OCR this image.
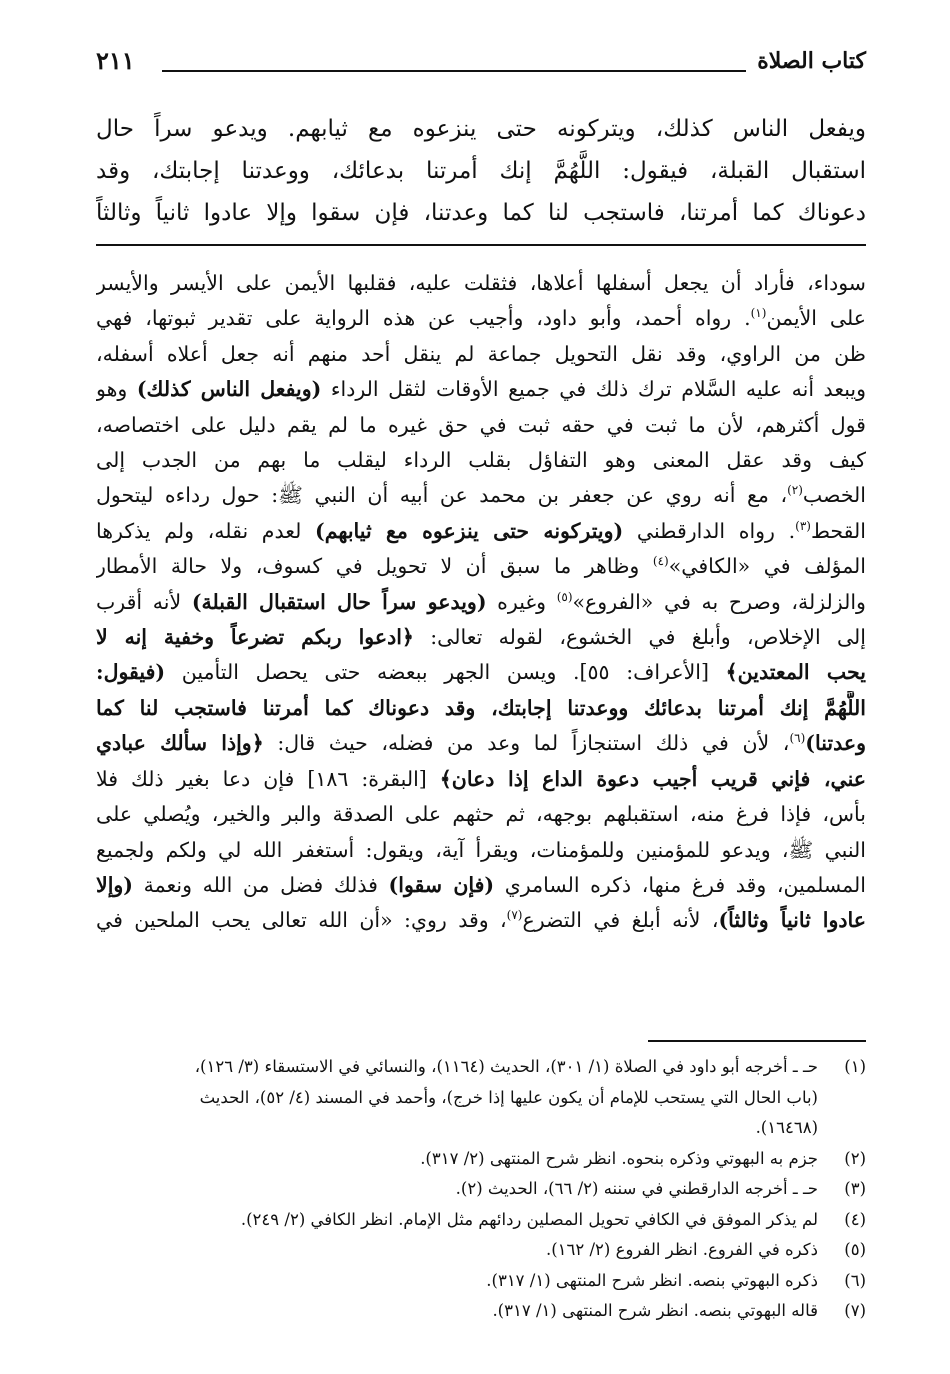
كتاب الصلاة
٢١١
ويفعل الناس كذلك، ويتركونه حتى ينزعوه مع ثيابهم. ويدعو سراً حال
استقبال القبلة، فيقول: اللَّهُمَّ إنك أمرتنا بدعائك، ووعدتنا إجابتك، وقد
دعوناك كما أمرتنا، فاستجب لنا كما وعدتنا، فإن سقوا وإلا عادوا ثانياً وثالثاً
سوداء، فأراد أن يجعل أسفلها أعلاها، فثقلت عليه، فقلبها الأيمن على الأيسر والأيسر
على الأيمن$^{(١)}$. رواه أحمد، وأبو داود، وأجيب عن هذه الرواية على تقدير ثبوتها، فهي
ظن من الراوي، وقد نقل التحويل جماعة لم ينقل أحد منهم أنه جعل أعلاه أسفله،
ويبعد أنه عليه السَّلام ترك ذلك في جميع الأوقات لثقل الرداء (ويفعل الناس كذلك) وهو
قول أكثرهم، لأن ما ثبت في حقه ثبت في حق غيره ما لم يقم دليل على اختصاصه،
كيف وقد عقل المعنى وهو التفاؤل بقلب الرداء ليقلب ما بهم من الجدب إلى
الخصب$^{(٢)}$، مع أنه روي عن جعفر بن محمد عن أبيه أن النبي ﷺ: حول رداءه ليتحول
القحط$^{(٣)}$. رواه الدارقطني (ويتركونه حتى ينزعوه مع ثيابهم) لعدم نقله، ولم يذكرها
المؤلف في «الكافي»$^{(٤)}$ وظاهر ما سبق أن لا تحويل في كسوف، ولا حالة الأمطار
والزلزلة، وصرح به في «الفروع»$^{(٥)}$ وغيره (ويدعو سراً حال استقبال القبلة) لأنه أقرب
إلى الإخلاص، وأبلغ في الخشوع، لقوله تعالى: ﴿ادعوا ربكم تضرعاً وخفية إنه لا
يحب المعتدين﴾ [الأعراف: ٥٥]. ويسن الجهر ببعضه حتى يحصل التأمين (فيقول:
اللَّهُمَّ إنك أمرتنا بدعائك ووعدتنا إجابتك، وقد دعوناك كما أمرتنا فاستجب لنا كما
وعدتنا)$^{(٦)}$، لأن في ذلك استنجازاً لما وعد من فضله، حيث قال: ﴿وإذا سألك عبادي
عني، فإني قريب أجيب دعوة الداع إذا دعان﴾ [البقرة: ١٨٦] فإن دعا بغير ذلك فلا
بأس، فإذا فرغ منه، استقبلهم بوجهه، ثم حثهم على الصدقة والبر والخير، ويُصلي على
النبي ﷺ، ويدعو للمؤمنين وللمؤمنات، ويقرأ آية، ويقول: أستغفر الله لي ولكم ولجميع
المسلمين، وقد فرغ منها، ذكره السامري (فإن سقوا) فذلك فضل من الله ونعمة (وإلا
عادوا ثانياً وثالثاً)، لأنه أبلغ في التضرع$^{(٧)}$، وقد روي: «أن الله تعالى يحب الملحين في
(١)
حـ ـ أخرجه أبو داود في الصلاة (١/ ٣٠١)، الحديث (١١٦٤)، والنسائي في الاستسقاء (٣/ ١٢٦)،
(باب الحال التي يستحب للإمام أن يكون عليها إذا خرج)، وأحمد في المسند (٤/ ٥٢)، الحديث
(١٦٤٦٨).
(٢)
جزم به البهوتي وذكره بنحوه. انظر شرح المنتهى (٢/ ٣١٧).
(٣)
حـ ـ أخرجه الدارقطني في سننه (٢/ ٦٦)، الحديث (٢).
(٤)
لم يذكر الموفق في الكافي تحويل المصلين ردائهم مثل الإمام. انظر الكافي (٢/ ٢٤٩).
(٥)
ذكره في الفروع. انظر الفروع (٢/ ١٦٢).
(٦)
ذكره البهوتي بنصه. انظر شرح المنتهى (١/ ٣١٧).
(٧)
قاله البهوتي بنصه. انظر شرح المنتهى (١/ ٣١٧).
